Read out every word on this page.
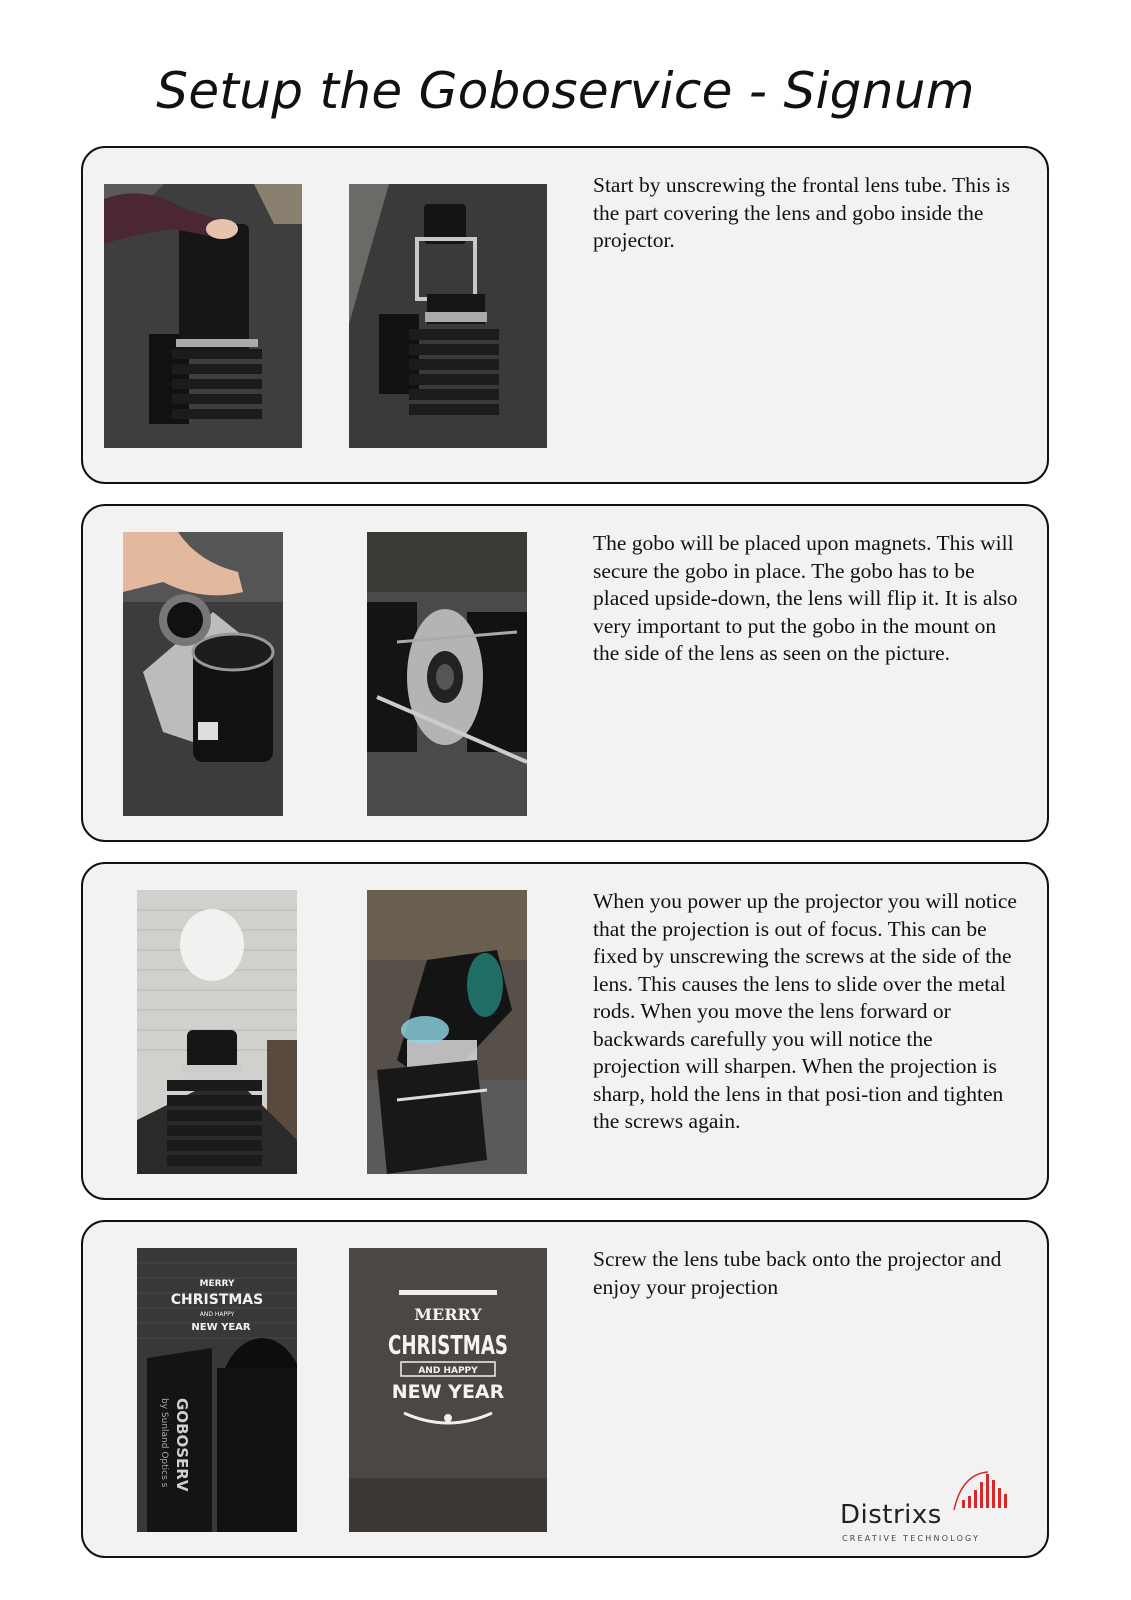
Setup the Goboservice - Signum

Start by unscrewing the frontal lens tube. This is the part covering the lens and gobo inside the projector.

The gobo will be placed upon magnets. This will secure the gobo in place. The gobo has to be placed upside-down, the lens will flip it. It is also very important to put the gobo in the mount on the side of the lens as seen on the picture.

When you power up the projector you will notice that the projection is out of focus. This can be fixed by unscrewing the screws at the side of the lens. This causes the lens to slide over the metal rods. When you move the lens forward or backwards carefully you will notice the projection will sharpen. When the projection is sharp, hold the lens in that posi-tion and tighten the screws again.

MERRY
CHRISTMAS
AND HAPPY
NEW YEAR
GOBOSERV
by Sunland Optics s
MERRY
CHRISTMAS
AND HAPPY
NEW YEAR

Screw the lens tube back onto the projector and enjoy your projection

Distrixs
CREATIVE TECHNOLOGY
